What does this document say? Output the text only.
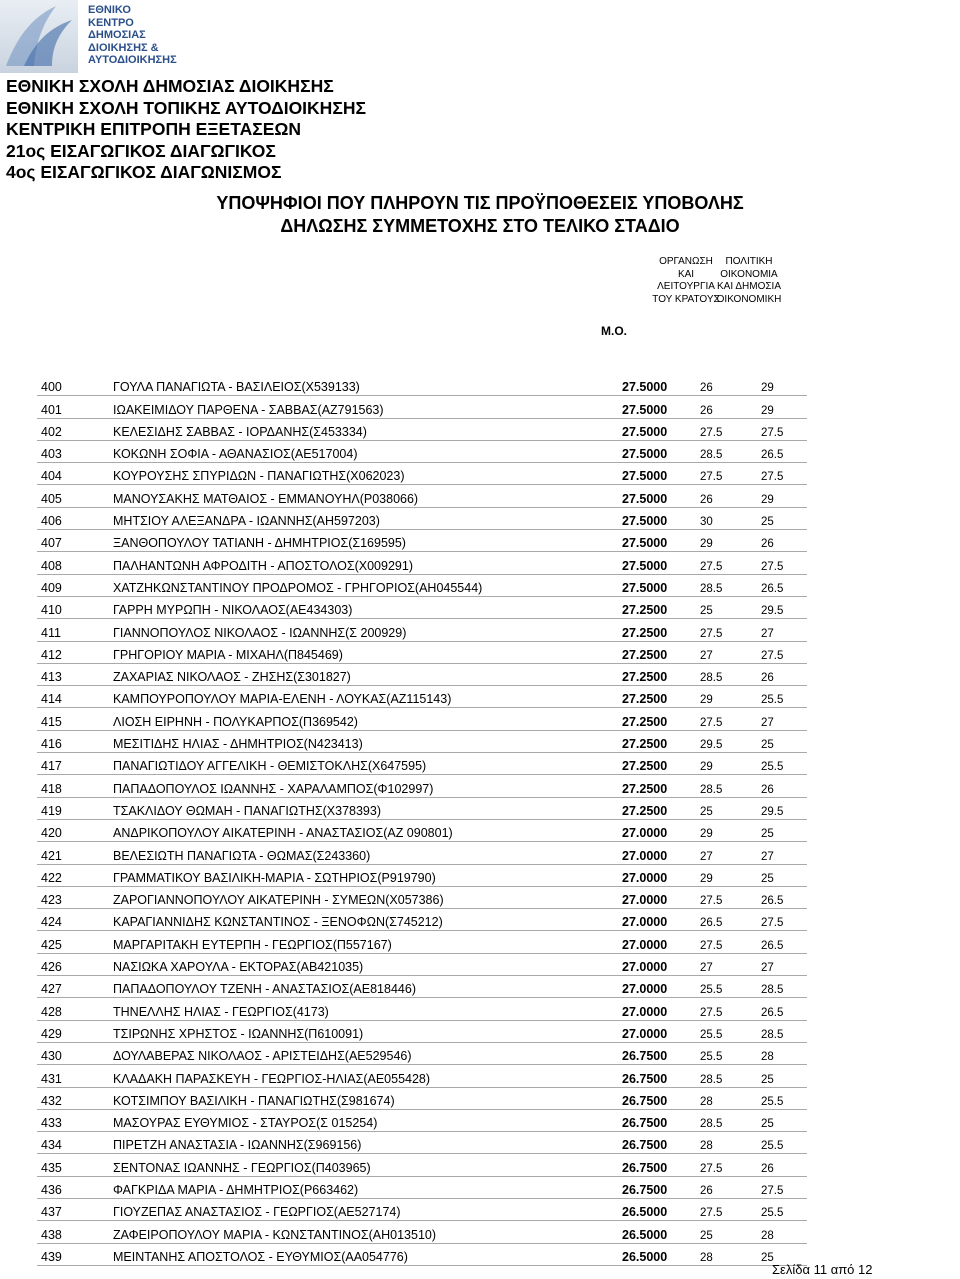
ΕΘΝΙΚΟ
ΚΕΝΤΡΟ
ΔΗΜΟΣΙΑΣ
ΔΙΟΙΚΗΣΗΣ &
ΑΥΤΟΔΙΟΙΚΗΣΗΣ
ΕΘΝΙΚΗ ΣΧΟΛΗ ΔΗΜΟΣΙΑΣ ΔΙΟΙΚΗΣΗΣ
ΕΘΝΙΚΗ ΣΧΟΛΗ ΤΟΠΙΚΗΣ ΑΥΤΟΔΙΟΙΚΗΣΗΣ
ΚΕΝΤΡΙΚΗ ΕΠΙΤΡΟΠΗ ΕΞΕΤΑΣΕΩΝ
21ος ΕΙΣΑΓΩΓΙΚΟΣ ΔΙΑΓΩΓΙΚΟΣ
4ος ΕΙΣΑΓΩΓΙΚΟΣ ΔΙΑΓΩΝΙΣΜΟΣ
ΥΠΟΨΗΦΙΟΙ ΠΟΥ ΠΛΗΡΟΥΝ ΤΙΣ ΠΡΟΫΠΟΘΕΣΕΙΣ ΥΠΟΒΟΛΗΣ
ΔΗΛΩΣΗΣ ΣΥΜΜΕΤΟΧΗΣ ΣΤΟ ΤΕΛΙΚΟ ΣΤΑΔΙΟ
ΟΡΓΑΝΩΣΗ ΚΑΙ
ΛΕΙΤΟΥΡΓΙΑ
ΤΟΥ ΚΡΑΤΟΥΣ
ΠΟΛΙΤΙΚΗ
ΟΙΚΟΝΟΜΙΑ
ΚΑΙ ΔΗΜΟΣΙΑ
ΟΙΚΟΝΟΜΙΚΗ
Μ.Ο.
400	ΓΟΥΛΑ ΠΑΝΑΓΙΩΤΑ - ΒΑΣΙΛΕΙΟΣ(Χ539133)	27.5000	26	29
401	ΙΩΑΚΕΙΜΙΔΟΥ ΠΑΡΘΕΝΑ - ΣΑΒΒΑΣ(ΑΖ791563)	27.5000	26	29
402	ΚΕΛΕΣΙΔΗΣ ΣΑΒΒΑΣ - ΙΟΡΔΑΝΗΣ(Σ453334)	27.5000	27.5	27.5
403	ΚΟΚΩΝΗ ΣΟΦΙΑ - ΑΘΑΝΑΣΙΟΣ(ΑΕ517004)	27.5000	28.5	26.5
404	ΚΟΥΡΟΥΣΗΣ ΣΠΥΡΙΔΩΝ - ΠΑΝΑΓΙΩΤΗΣ(Χ062023)	27.5000	27.5	27.5
405	ΜΑΝΟΥΣΑΚΗΣ ΜΑΤΘΑΙΟΣ - ΕΜΜΑΝΟΥΗΛ(Ρ038066)	27.5000	26	29
406	ΜΗΤΣΙΟΥ ΑΛΕΞΑΝΔΡΑ - ΙΩΑΝΝΗΣ(ΑΗ597203)	27.5000	30	25
407	ΞΑΝΘΟΠΟΥΛΟΥ ΤΑΤΙΑΝΗ - ΔΗΜΗΤΡΙΟΣ(Σ169595)	27.5000	29	26
408	ΠΑΛΗΑΝΤΩΝΗ ΑΦΡΟΔΙΤΗ - ΑΠΟΣΤΟΛΟΣ(Χ009291)	27.5000	27.5	27.5
409	ΧΑΤΖΗΚΩΝΣΤΑΝΤΙΝΟΥ ΠΡΟΔΡΟΜΟΣ - ΓΡΗΓΟΡΙΟΣ(ΑΗ045544)	27.5000	28.5	26.5
410	ΓΑΡΡΗ ΜΥΡΩΠΗ - ΝΙΚΟΛΑΟΣ(ΑΕ434303)	27.2500	25	29.5
411	ΓΙΑΝΝΟΠΟΥΛΟΣ ΝΙΚΟΛΑΟΣ - ΙΩΑΝΝΗΣ(Σ 200929)	27.2500	27.5	27
412	ΓΡΗΓΟΡΙΟΥ ΜΑΡΙΑ - ΜΙΧΑΗΛ(Π845469)	27.2500	27	27.5
413	ΖΑΧΑΡΙΑΣ ΝΙΚΟΛΑΟΣ - ΖΗΣΗΣ(Σ301827)	27.2500	28.5	26
414	ΚΑΜΠΟΥΡΟΠΟΥΛΟΥ ΜΑΡΙΑ-ΕΛΕΝΗ - ΛΟΥΚΑΣ(ΑΖ115143)	27.2500	29	25.5
415	ΛΙΟΣΗ ΕΙΡΗΝΗ - ΠΟΛΥΚΑΡΠΟΣ(Π369542)	27.2500	27.5	27
416	ΜΕΣΙΤΙΔΗΣ ΗΛΙΑΣ - ΔΗΜΗΤΡΙΟΣ(Ν423413)	27.2500	29.5	25
417	ΠΑΝΑΓΙΩΤΙΔΟΥ ΑΓΓΕΛΙΚΗ - ΘΕΜΙΣΤΟΚΛΗΣ(Χ647595)	27.2500	29	25.5
418	ΠΑΠΑΔΟΠΟΥΛΟΣ ΙΩΑΝΝΗΣ - ΧΑΡΑΛΑΜΠΟΣ(Φ102997)	27.2500	28.5	26
419	ΤΣΑΚΛΙΔΟΥ ΘΩΜΑΗ - ΠΑΝΑΓΙΩΤΗΣ(Χ378393)	27.2500	25	29.5
420	ΑΝΔΡΙΚΟΠΟΥΛΟΥ ΑΙΚΑΤΕΡΙΝΗ - ΑΝΑΣΤΑΣΙΟΣ(ΑΖ 090801)	27.0000	29	25
421	ΒΕΛΕΣΙΩΤΗ ΠΑΝΑΓΙΩΤΑ - ΘΩΜΑΣ(Σ243360)	27.0000	27	27
422	ΓΡΑΜΜΑΤΙΚΟΥ ΒΑΣΙΛΙΚΗ-ΜΑΡΙΑ - ΣΩΤΗΡΙΟΣ(Ρ919790)	27.0000	29	25
423	ΖΑΡΟΓΙΑΝΝΟΠΟΥΛΟΥ ΑΙΚΑΤΕΡΙΝΗ - ΣΥΜΕΩΝ(Χ057386)	27.0000	27.5	26.5
424	ΚΑΡΑΓΙΑΝΝΙΔΗΣ ΚΩΝΣΤΑΝΤΙΝΟΣ - ΞΕΝΟΦΩΝ(Σ745212)	27.0000	26.5	27.5
425	ΜΑΡΓΑΡΙΤΑΚΗ ΕΥΤΕΡΠΗ - ΓΕΩΡΓΙΟΣ(Π557167)	27.0000	27.5	26.5
426	ΝΑΣΙΩΚΑ ΧΑΡΟΥΛΑ - ΕΚΤΟΡΑΣ(ΑΒ421035)	27.0000	27	27
427	ΠΑΠΑΔΟΠΟΥΛΟΥ ΤΖΕΝΗ - ΑΝΑΣΤΑΣΙΟΣ(ΑΕ818446)	27.0000	25.5	28.5
428	ΤΗΝΕΛΛΗΣ ΗΛΙΑΣ - ΓΕΩΡΓΙΟΣ(4173)	27.0000	27.5	26.5
429	ΤΣΙΡΩΝΗΣ ΧΡΗΣΤΟΣ - ΙΩΑΝΝΗΣ(Π610091)	27.0000	25.5	28.5
430	ΔΟΥΛΑΒΕΡΑΣ ΝΙΚΟΛΑΟΣ - ΑΡΙΣΤΕΙΔΗΣ(ΑΕ529546)	26.7500	25.5	28
431	ΚΛΑΔΑΚΗ ΠΑΡΑΣΚΕΥΗ - ΓΕΩΡΓΙΟΣ-ΗΛΙΑΣ(ΑΕ055428)	26.7500	28.5	25
432	ΚΟΤΣΙΜΠΟΥ ΒΑΣΙΛΙΚΗ - ΠΑΝΑΓΙΩΤΗΣ(Σ981674)	26.7500	28	25.5
433	ΜΑΣΟΥΡΑΣ ΕΥΘΥΜΙΟΣ - ΣΤΑΥΡΟΣ(Σ 015254)	26.7500	28.5	25
434	ΠΙΡΕΤΖΗ ΑΝΑΣΤΑΣΙΑ - ΙΩΑΝΝΗΣ(Σ969156)	26.7500	28	25.5
435	ΣΕΝΤΟΝΑΣ ΙΩΑΝΝΗΣ - ΓΕΩΡΓΙΟΣ(Π403965)	26.7500	27.5	26
436	ΦΑΓΚΡΙΔΑ ΜΑΡΙΑ - ΔΗΜΗΤΡΙΟΣ(Ρ663462)	26.7500	26	27.5
437	ΓΙΟΥΖΕΠΑΣ ΑΝΑΣΤΑΣΙΟΣ - ΓΕΩΡΓΙΟΣ(ΑΕ527174)	26.5000	27.5	25.5
438	ΖΑΦΕΙΡΟΠΟΥΛΟΥ ΜΑΡΙΑ - ΚΩΝΣΤΑΝΤΙΝΟΣ(ΑΗ013510)	26.5000	25	28
439	ΜΕΙΝΤΑΝΗΣ ΑΠΟΣΤΟΛΟΣ - ΕΥΘΥΜΙΟΣ(ΑΑ054776)	26.5000	28	25
Σελίδα 11 από 12
